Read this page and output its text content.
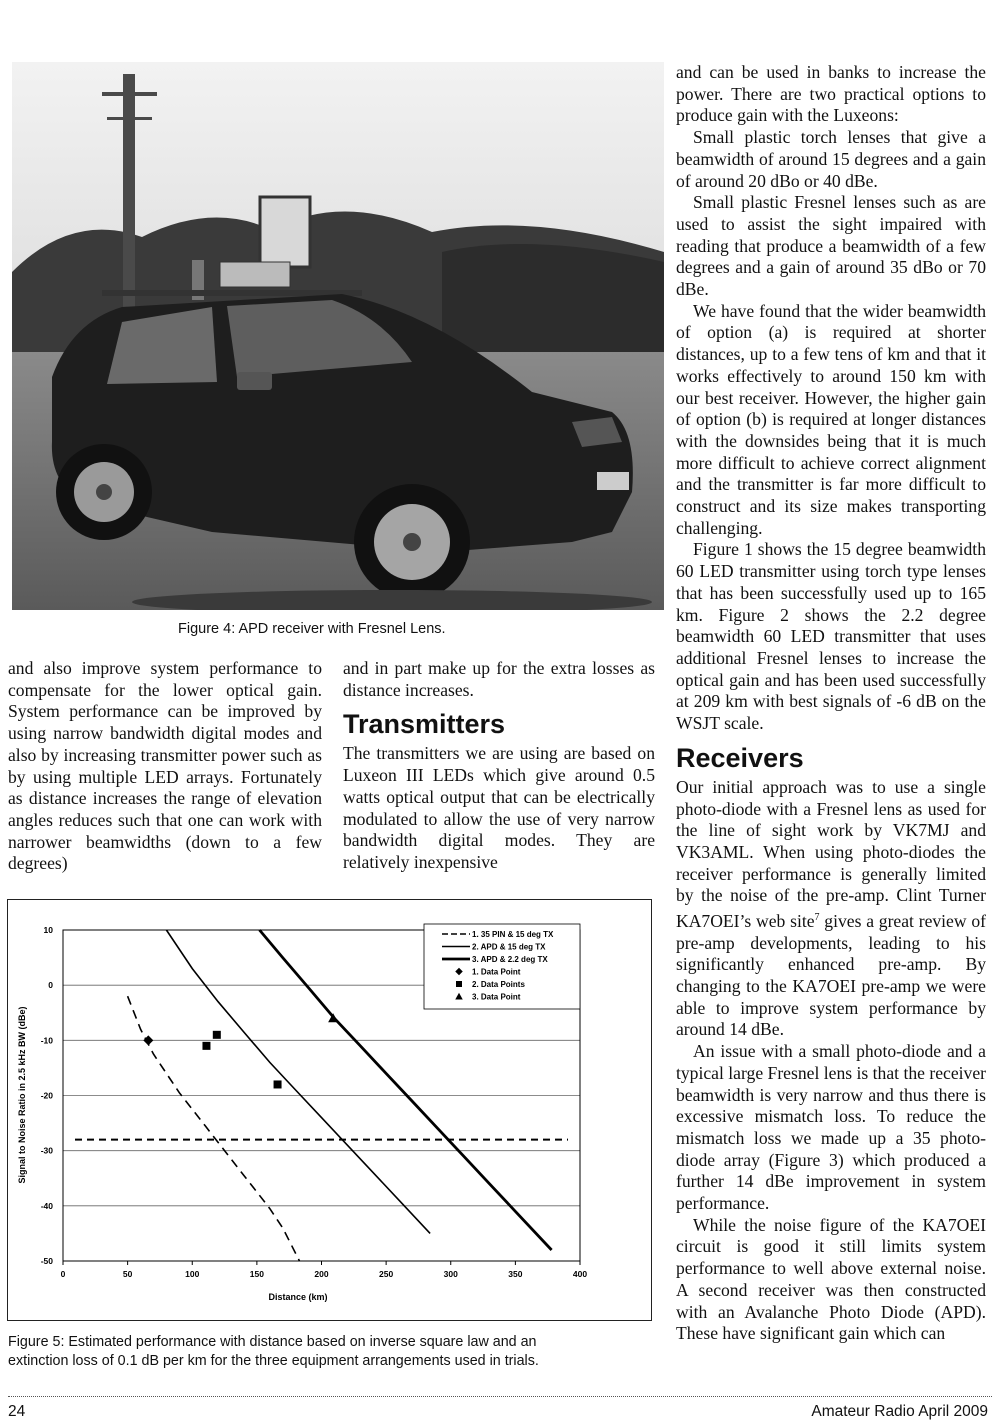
Figure 4: APD receiver with Fresnel Lens.

and also improve system performance to compensate for the lower optical gain. System performance can be improved by using narrow bandwidth digital modes and also by increasing transmitter power such as by using multiple LED arrays. Fortunately as distance increases the range of elevation angles reduces such that one can work with narrower beamwidths (down to a few degrees)

and in part make up for the extra losses as distance increases.

Transmitters

The transmitters we are using are based on Luxeon III LEDs which give around 0.5 watts optical output that can be electrically modulated to allow the use of very narrow bandwidth digital modes. They are relatively inexpensive

and can be used in banks to increase the power. There are two practical options to produce gain with the Luxeons:

Small plastic torch lenses that give a beamwidth of around 15 degrees and a gain of around 20 dBo or 40 dBe.

Small plastic Fresnel lenses such as are used to assist the sight impaired with reading that produce a beamwidth of a few degrees and a gain of around 35 dBo or 70 dBe.

We have found that the wider beamwidth of option (a) is required at shorter distances, up to a few tens of km and that it works effectively to around 150 km with our best receiver. However, the higher gain of option (b) is required at longer distances with the downsides being that it is much more difficult to achieve correct alignment and the transmitter is far more difficult to construct and its size makes transporting challenging.

Figure 1 shows the 15 degree beamwidth 60 LED transmitter using torch type lenses that has been successfully used up to 165 km. Figure 2 shows the 2.2 degree beamwidth 60 LED transmitter that uses additional Fresnel lenses to increase the optical gain and has been used successfully at 209 km with best signals of -6 dB on the WSJT scale.

Receivers

Our initial approach was to use a single photo-diode with a Fresnel lens as used for the line of sight work by VK7MJ and VK3AML. When using photo-diodes the receiver performance is generally limited by the noise of the pre-amp. Clint Turner KA7OEI’s web site$^7$ gives a great review of pre-amp developments, leading to his significantly enhanced pre-amp. By changing to the KA7OEI pre-amp we were able to improve system performance by around 14 dBe.

An issue with a small photo-diode and a typical large Fresnel lens is that the receiver beamwidth is very narrow and thus there is excessive mismatch loss. To reduce the mismatch loss we made up a 35 photo-diode array (Figure 3) which produced a further 14 dBe improvement in system performance.

While the noise figure of the KA7OEI circuit is good it still limits system performance to well above external noise. A second receiver was then constructed with an Avalanche Photo Diode (APD). These have significant gain which can

10
0
-10
-20
-30
-40
-50
0	50	100	150	200	250	300	350	400
Distance (km)
Signal to Noise Ratio in 2.5 kHz BW (dBe)
1. 35 PIN & 15 deg TX
2. APD & 15 deg TX
3. APD & 2.2 deg TX
1. Data Point
2. Data Points
3. Data Point
Figure 5: Estimated performance with distance based on inverse square law and an
extinction loss of 0.1 dB per km for the three equipment arrangements used in trials.
24	Amateur Radio April 2009
